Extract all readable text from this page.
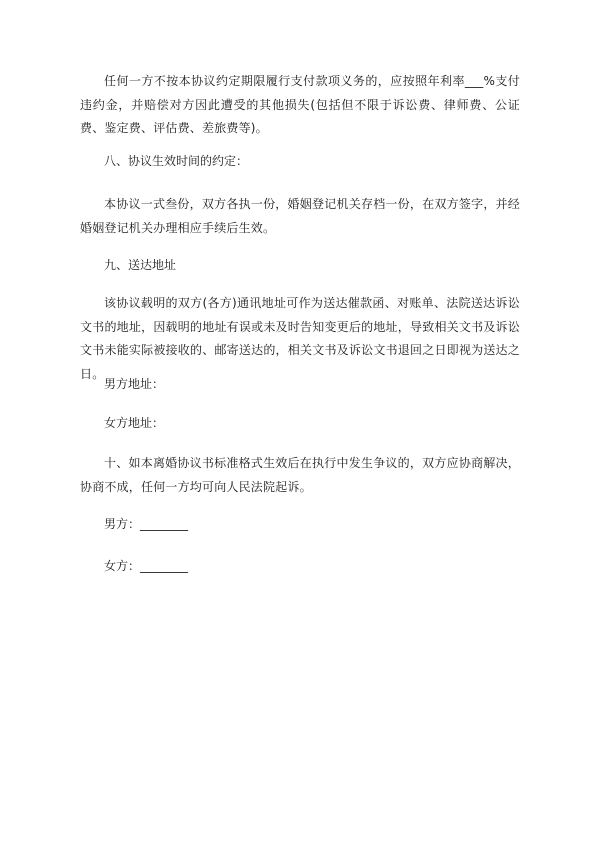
任何一方不按本协议约定期限履行支付款项义务的，应按照年利率___%支付违约金，并赔偿对方因此遭受的其他损失(包括但不限于诉讼费、律师费、公证费、鉴定费、评估费、差旅费等)。

八、协议生效时间的约定：

本协议一式叁份，双方各执一份，婚姻登记机关存档一份，在双方签字，并经婚姻登记机关办理相应手续后生效。

九、送达地址

该协议载明的双方(各方)通讯地址可作为送达催款函、对账单、法院送达诉讼文书的地址，因载明的地址有误或未及时告知变更后的地址，导致相关文书及诉讼文书未能实际被接收的、邮寄送达的，相关文书及诉讼文书退回之日即视为送达之日。

男方地址：

女方地址：

十、如本离婚协议书标准格式生效后在执行中发生争议的，双方应协商解决，协商不成，任何一方均可向人民法院起诉。

男方：________

女方：________
